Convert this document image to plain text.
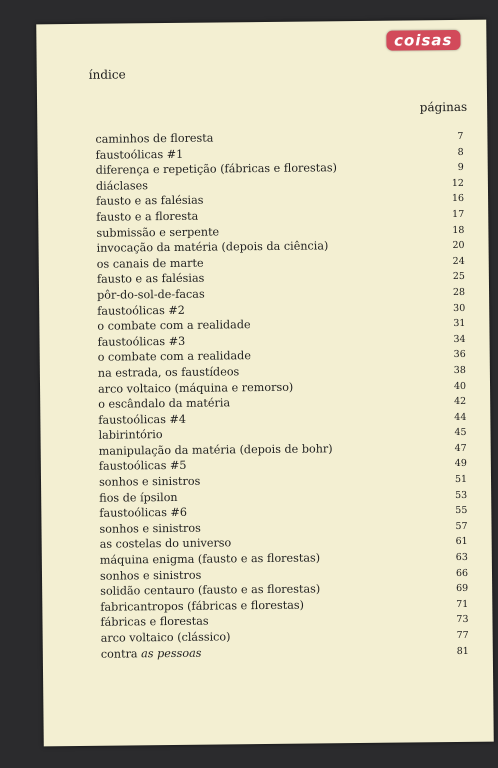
coisas
índice
páginas
caminhos de floresta	7
faustoólicas #1	8
diferença e repetição (fábricas e florestas)	9
diáclases	12
fausto e as falésias	16
fausto e a floresta	17
submissão e serpente	18
invocação da matéria (depois da ciência)	20
os canais de marte	24
fausto e as falésias	25
pôr-do-sol-de-facas	28
faustoólicas #2	30
o combate com a realidade	31
faustoólicas #3	34
o combate com a realidade	36
na estrada, os faustídeos	38
arco voltaico (máquina e remorso)	40
o escândalo da matéria	42
faustoólicas #4	44
labirintório	45
manipulação da matéria (depois de bohr)	47
faustoólicas #5	49
sonhos e sinistros	51
fios de ípsilon	53
faustoólicas #6	55
sonhos e sinistros	57
as costelas do universo	61
máquina enigma (fausto e as florestas)	63
sonhos e sinistros	66
solidão centauro (fausto e as florestas)	69
fabricantropos (fábricas e florestas)	71
fábricas e florestas	73
arco voltaico (clássico)	77
contra as pessoas	81
